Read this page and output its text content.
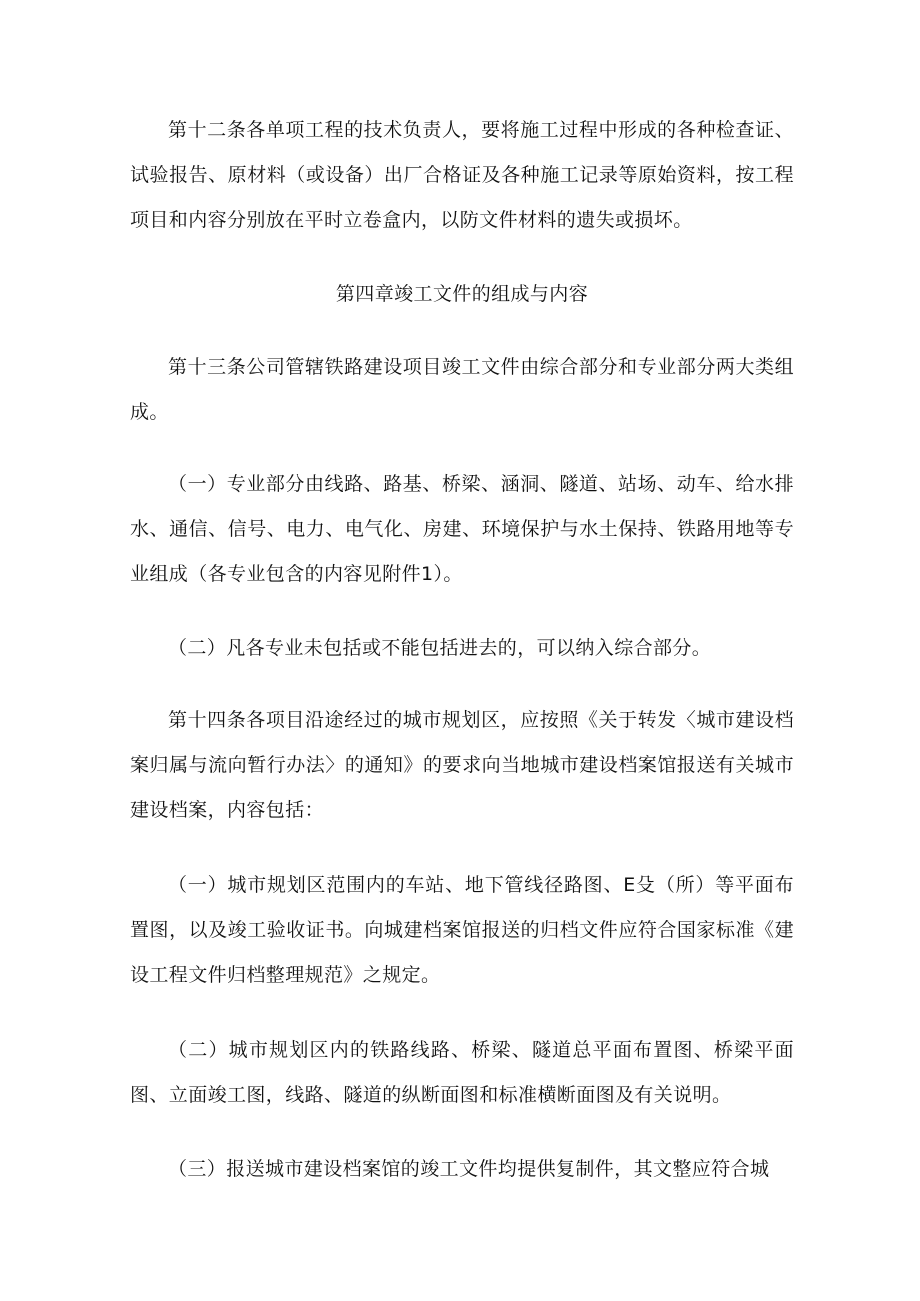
第十二条各单项工程的技术负责人，要将施工过程中形成的各种检查证、试验报告、原材料（或设备）出厂合格证及各种施工记录等原始资料，按工程项目和内容分别放在平时立卷盒内，以防文件材料的遗失或损坏。

第四章竣工文件的组成与内容

第十三条公司管辖铁路建设项目竣工文件由综合部分和专业部分两大类组成。

（一）专业部分由线路、路基、桥梁、涵洞、隧道、站场、动车、给水排水、通信、信号、电力、电气化、房建、环境保护与水土保持、铁路用地等专业组成（各专业包含的内容见附件1）。

（二）凡各专业未包括或不能包括进去的，可以纳入综合部分。

第十四条各项目沿途经过的城市规划区，应按照《关于转发〈城市建设档案归属与流向暂行办法〉的通知》的要求向当地城市建设档案馆报送有关城市建设档案，内容包括：

（一）城市规划区范围内的车站、地下管线径路图、E殳（所）等平面布置图，以及竣工验收证书。向城建档案馆报送的归档文件应符合国家标准《建设工程文件归档整理规范》之规定。

（二）城市规划区内的铁路线路、桥梁、隧道总平面布置图、桥梁平面图、立面竣工图，线路、隧道的纵断面图和标准横断面图及有关说明。

（三）报送城市建设档案馆的竣工文件均提供复制件，其文整应符合城
